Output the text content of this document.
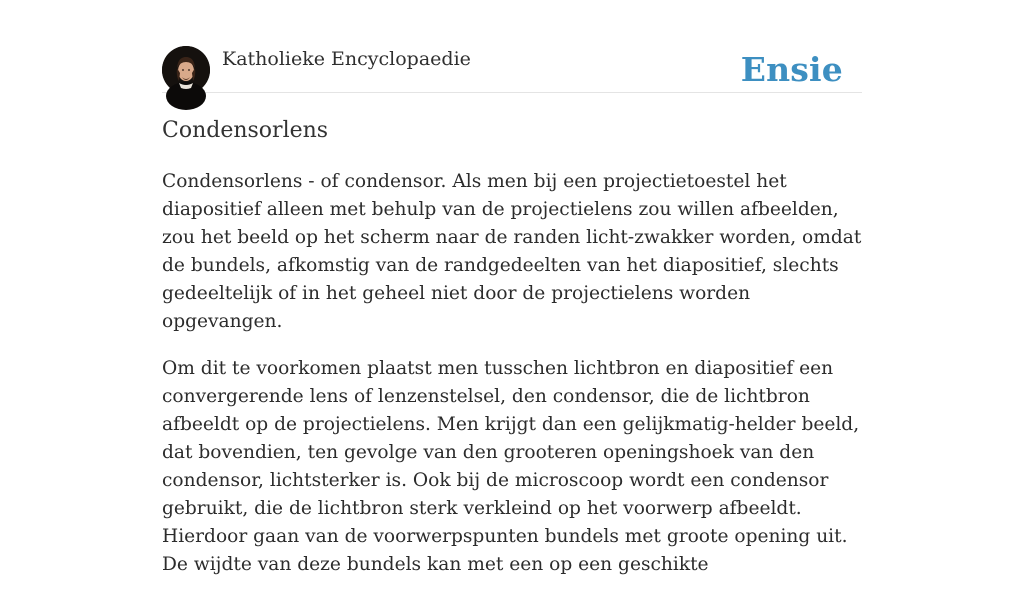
Katholieke Encyclopaedie	Ensie
Condensorlens

Condensorlens - of condensor. Als men bij een projectietoestel het diapositief alleen met behulp van de projectielens zou willen afbeelden, zou het beeld op het scherm naar de randen licht-zwakker worden, omdat de bundels, afkomstig van de randgedeelten van het diapositief, slechts gedeeltelijk of in het geheel niet door de projectielens worden opgevangen.

Om dit te voorkomen plaatst men tusschen lichtbron en diapositief een convergerende lens of lenzenstelsel, den condensor, die de lichtbron afbeeldt op de projectielens. Men krijgt dan een gelijkmatig-helder beeld, dat bovendien, ten gevolge van den grooteren openingshoek van den condensor, lichtsterker is. Ook bij de microscoop wordt een condensor gebruikt, die de lichtbron sterk verkleind op het voorwerp afbeeldt. Hierdoor gaan van de voorwerpspunten bundels met groote opening uit. De wijdte van deze bundels kan met een op een geschikte
